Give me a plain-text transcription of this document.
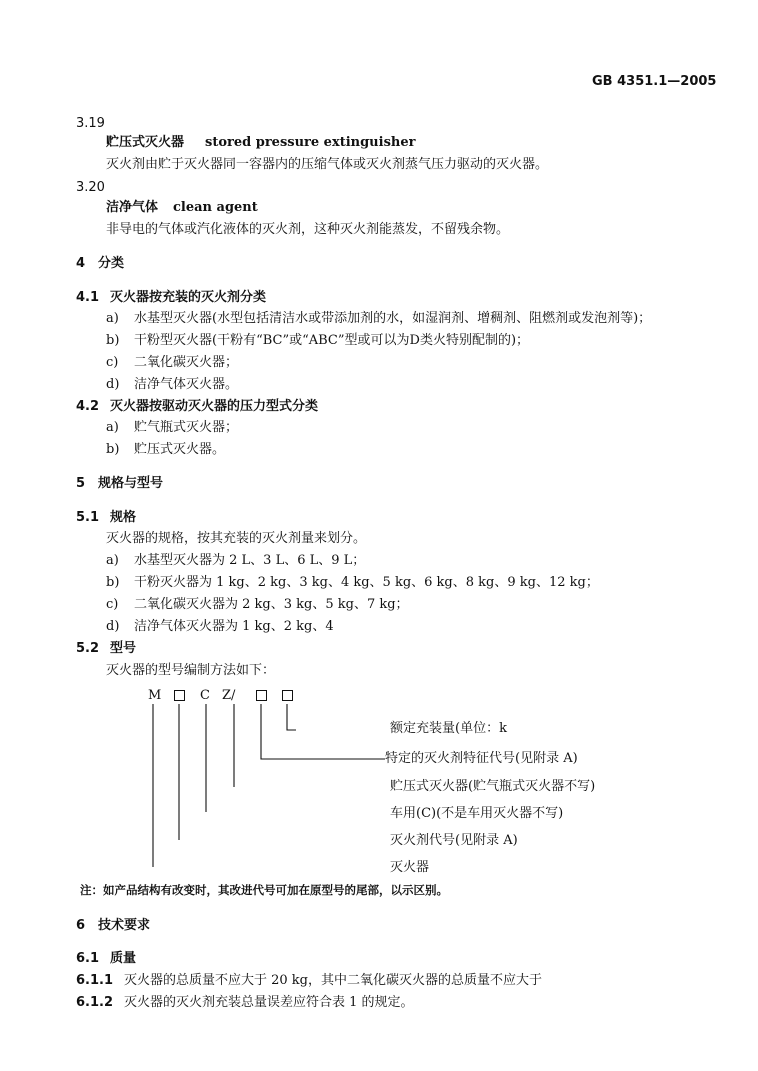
GB 4351.1—2005
3.19
贮压式灭火器 stored pressure extinguisher
灭火剂由贮于灭火器同一容器内的压缩气体或灭火剂蒸气压力驱动的灭火器。
3.20
洁净气体 clean agent
非导电的气体或汽化液体的灭火剂，这种灭火剂能蒸发，不留残余物。
4 分类
4.1 灭火器按充装的灭火剂分类
a) 水基型灭火器(水型包括清洁水或带添加剂的水，如湿润剂、增稠剂、阻燃剂或发泡剂等)；
b) 干粉型灭火器(干粉有“BC”或“ABC”型或可以为D类火特别配制的)；
c) 二氧化碳灭火器；
d) 洁净气体灭火器。
4.2 灭火器按驱动灭火器的压力型式分类
a) 贮气瓶式灭火器；
b) 贮压式灭火器。
5 规格与型号
5.1 规格
灭火器的规格，按其充装的灭火剂量来划分。
a) 水基型灭火器为 2 L、3 L、6 L、9 L；
b) 干粉灭火器为 1 kg、2 kg、3 kg、4 kg、5 kg、6 kg、8 kg、9 kg、12 kg；
c) 二氧化碳灭火器为 2 kg、3 kg、5 kg、7 kg；
d) 洁净气体灭火器为 1 kg、2 kg、4
5.2 型号
灭火器的型号编制方法如下：
M	C Z/
额定充装量(单位：k
特定的灭火剂特征代号(见附录 A)
贮压式灭火器(贮气瓶式灭火器不写)
车用(C)(不是车用灭火器不写)
灭火剂代号(见附录 A)
灭火器
注：如产品结构有改变时，其改进代号可加在原型号的尾部，以示区别。
6 技术要求
6.1 质量
6.1.1 灭火器的总质量不应大于 20 kg，其中二氧化碳灭火器的总质量不应大于
6.1.2 灭火器的灭火剂充装总量误差应符合表 1 的规定。
